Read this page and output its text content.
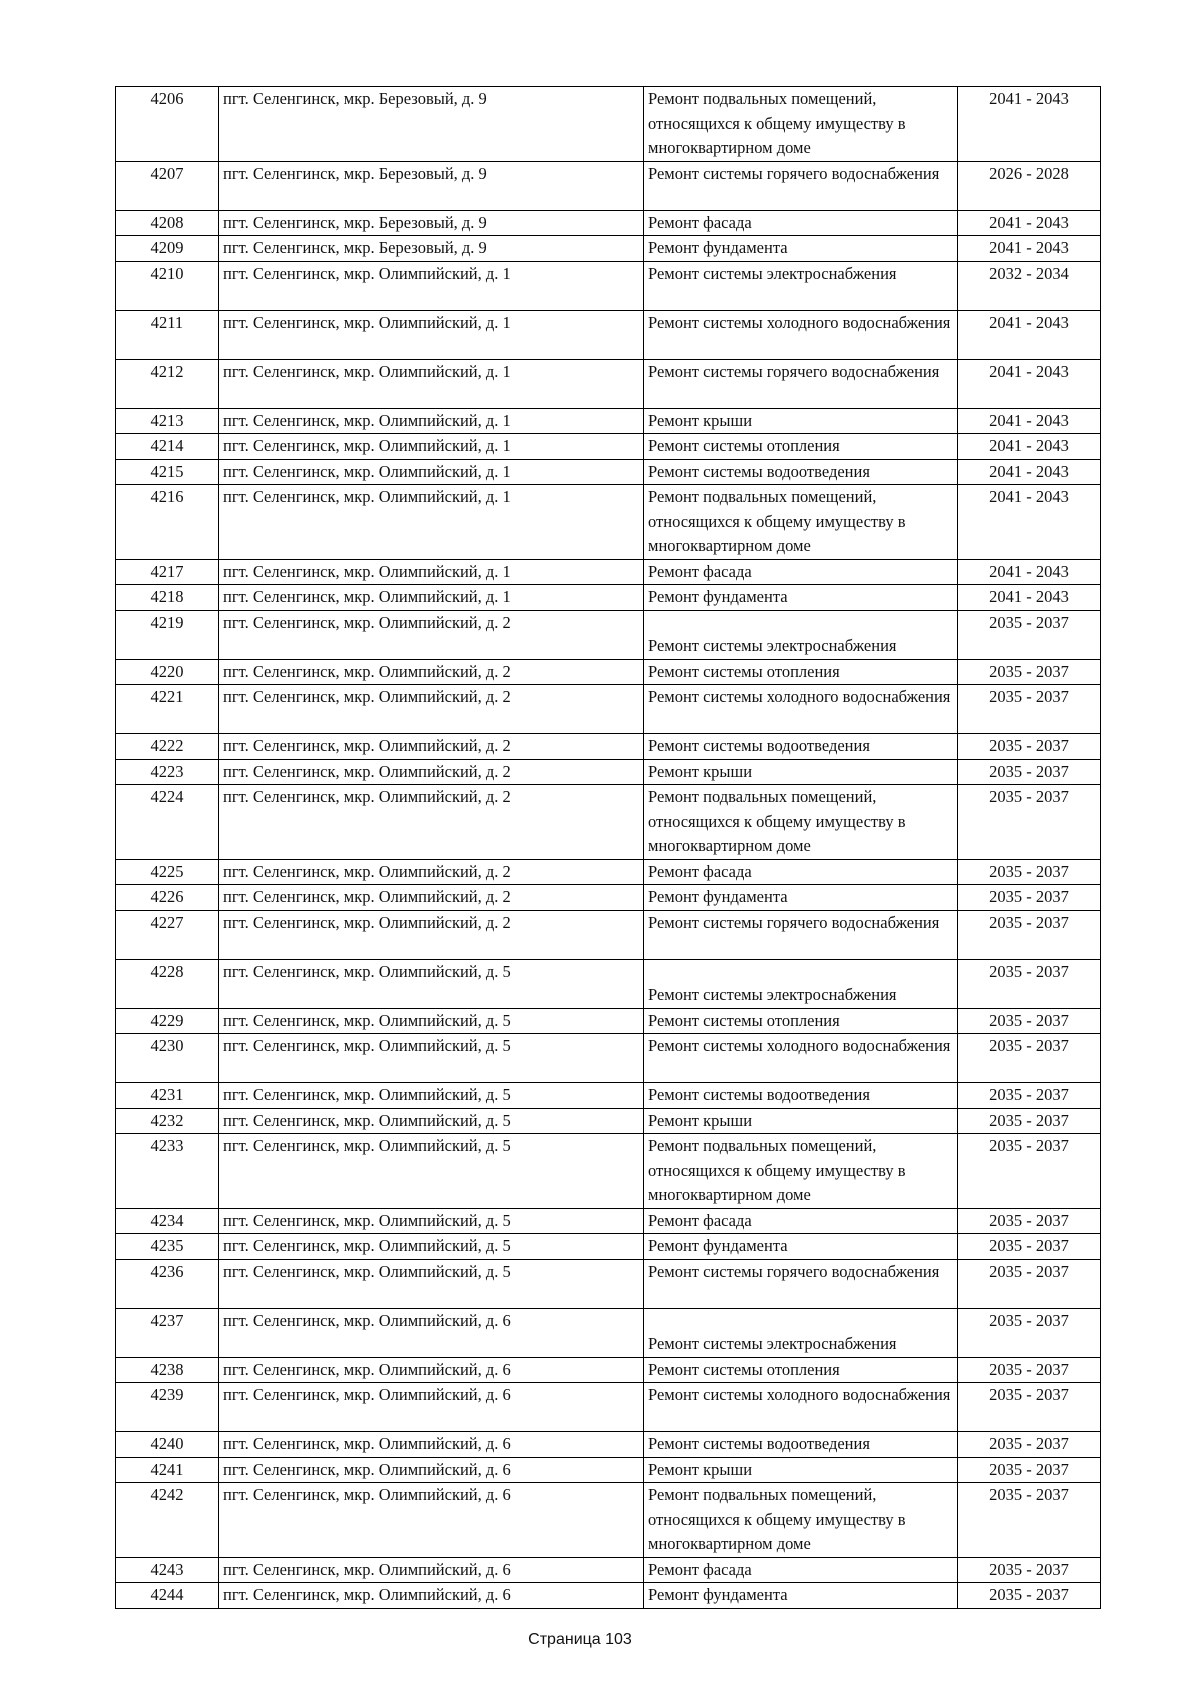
4206	пгт. Селенгинск, мкр. Березовый, д. 9	Ремонт подвальных помещений, относящихся к общему имуществу в многоквартирном доме	2041 - 2043
4207	пгт. Селенгинск, мкр. Березовый, д. 9	Ремонт системы горячего водоснабжения	2026 - 2028
4208	пгт. Селенгинск, мкр. Березовый, д. 9	Ремонт фасада	2041 - 2043
4209	пгт. Селенгинск, мкр. Березовый, д. 9	Ремонт фундамента	2041 - 2043
4210	пгт. Селенгинск, мкр. Олимпийский, д. 1	Ремонт системы электроснабжения	2032 - 2034
4211	пгт. Селенгинск, мкр. Олимпийский, д. 1	Ремонт системы холодного водоснабжения	2041 - 2043
4212	пгт. Селенгинск, мкр. Олимпийский, д. 1	Ремонт системы горячего водоснабжения	2041 - 2043
4213	пгт. Селенгинск, мкр. Олимпийский, д. 1	Ремонт крыши	2041 - 2043
4214	пгт. Селенгинск, мкр. Олимпийский, д. 1	Ремонт системы отопления	2041 - 2043
4215	пгт. Селенгинск, мкр. Олимпийский, д. 1	Ремонт системы водоотведения	2041 - 2043
4216	пгт. Селенгинск, мкр. Олимпийский, д. 1	Ремонт подвальных помещений, относящихся к общему имуществу в многоквартирном доме	2041 - 2043
4217	пгт. Селенгинск, мкр. Олимпийский, д. 1	Ремонт фасада	2041 - 2043
4218	пгт. Селенгинск, мкр. Олимпийский, д. 1	Ремонт фундамента	2041 - 2043
4219	пгт. Селенгинск, мкр. Олимпийский, д. 2	Ремонт системы электроснабжения	2035 - 2037
4220	пгт. Селенгинск, мкр. Олимпийский, д. 2	Ремонт системы отопления	2035 - 2037
4221	пгт. Селенгинск, мкр. Олимпийский, д. 2	Ремонт системы холодного водоснабжения	2035 - 2037
4222	пгт. Селенгинск, мкр. Олимпийский, д. 2	Ремонт системы водоотведения	2035 - 2037
4223	пгт. Селенгинск, мкр. Олимпийский, д. 2	Ремонт крыши	2035 - 2037
4224	пгт. Селенгинск, мкр. Олимпийский, д. 2	Ремонт подвальных помещений, относящихся к общему имуществу в многоквартирном доме	2035 - 2037
4225	пгт. Селенгинск, мкр. Олимпийский, д. 2	Ремонт фасада	2035 - 2037
4226	пгт. Селенгинск, мкр. Олимпийский, д. 2	Ремонт фундамента	2035 - 2037
4227	пгт. Селенгинск, мкр. Олимпийский, д. 2	Ремонт системы горячего водоснабжения	2035 - 2037
4228	пгт. Селенгинск, мкр. Олимпийский, д. 5	Ремонт системы электроснабжения	2035 - 2037
4229	пгт. Селенгинск, мкр. Олимпийский, д. 5	Ремонт системы отопления	2035 - 2037
4230	пгт. Селенгинск, мкр. Олимпийский, д. 5	Ремонт системы холодного водоснабжения	2035 - 2037
4231	пгт. Селенгинск, мкр. Олимпийский, д. 5	Ремонт системы водоотведения	2035 - 2037
4232	пгт. Селенгинск, мкр. Олимпийский, д. 5	Ремонт крыши	2035 - 2037
4233	пгт. Селенгинск, мкр. Олимпийский, д. 5	Ремонт подвальных помещений, относящихся к общему имуществу в многоквартирном доме	2035 - 2037
4234	пгт. Селенгинск, мкр. Олимпийский, д. 5	Ремонт фасада	2035 - 2037
4235	пгт. Селенгинск, мкр. Олимпийский, д. 5	Ремонт фундамента	2035 - 2037
4236	пгт. Селенгинск, мкр. Олимпийский, д. 5	Ремонт системы горячего водоснабжения	2035 - 2037
4237	пгт. Селенгинск, мкр. Олимпийский, д. 6	Ремонт системы электроснабжения	2035 - 2037
4238	пгт. Селенгинск, мкр. Олимпийский, д. 6	Ремонт системы отопления	2035 - 2037
4239	пгт. Селенгинск, мкр. Олимпийский, д. 6	Ремонт системы холодного водоснабжения	2035 - 2037
4240	пгт. Селенгинск, мкр. Олимпийский, д. 6	Ремонт системы водоотведения	2035 - 2037
4241	пгт. Селенгинск, мкр. Олимпийский, д. 6	Ремонт крыши	2035 - 2037
4242	пгт. Селенгинск, мкр. Олимпийский, д. 6	Ремонт подвальных помещений, относящихся к общему имуществу в многоквартирном доме	2035 - 2037
4243	пгт. Селенгинск, мкр. Олимпийский, д. 6	Ремонт фасада	2035 - 2037
4244	пгт. Селенгинск, мкр. Олимпийский, д. 6	Ремонт фундамента	2035 - 2037
Страница 103
